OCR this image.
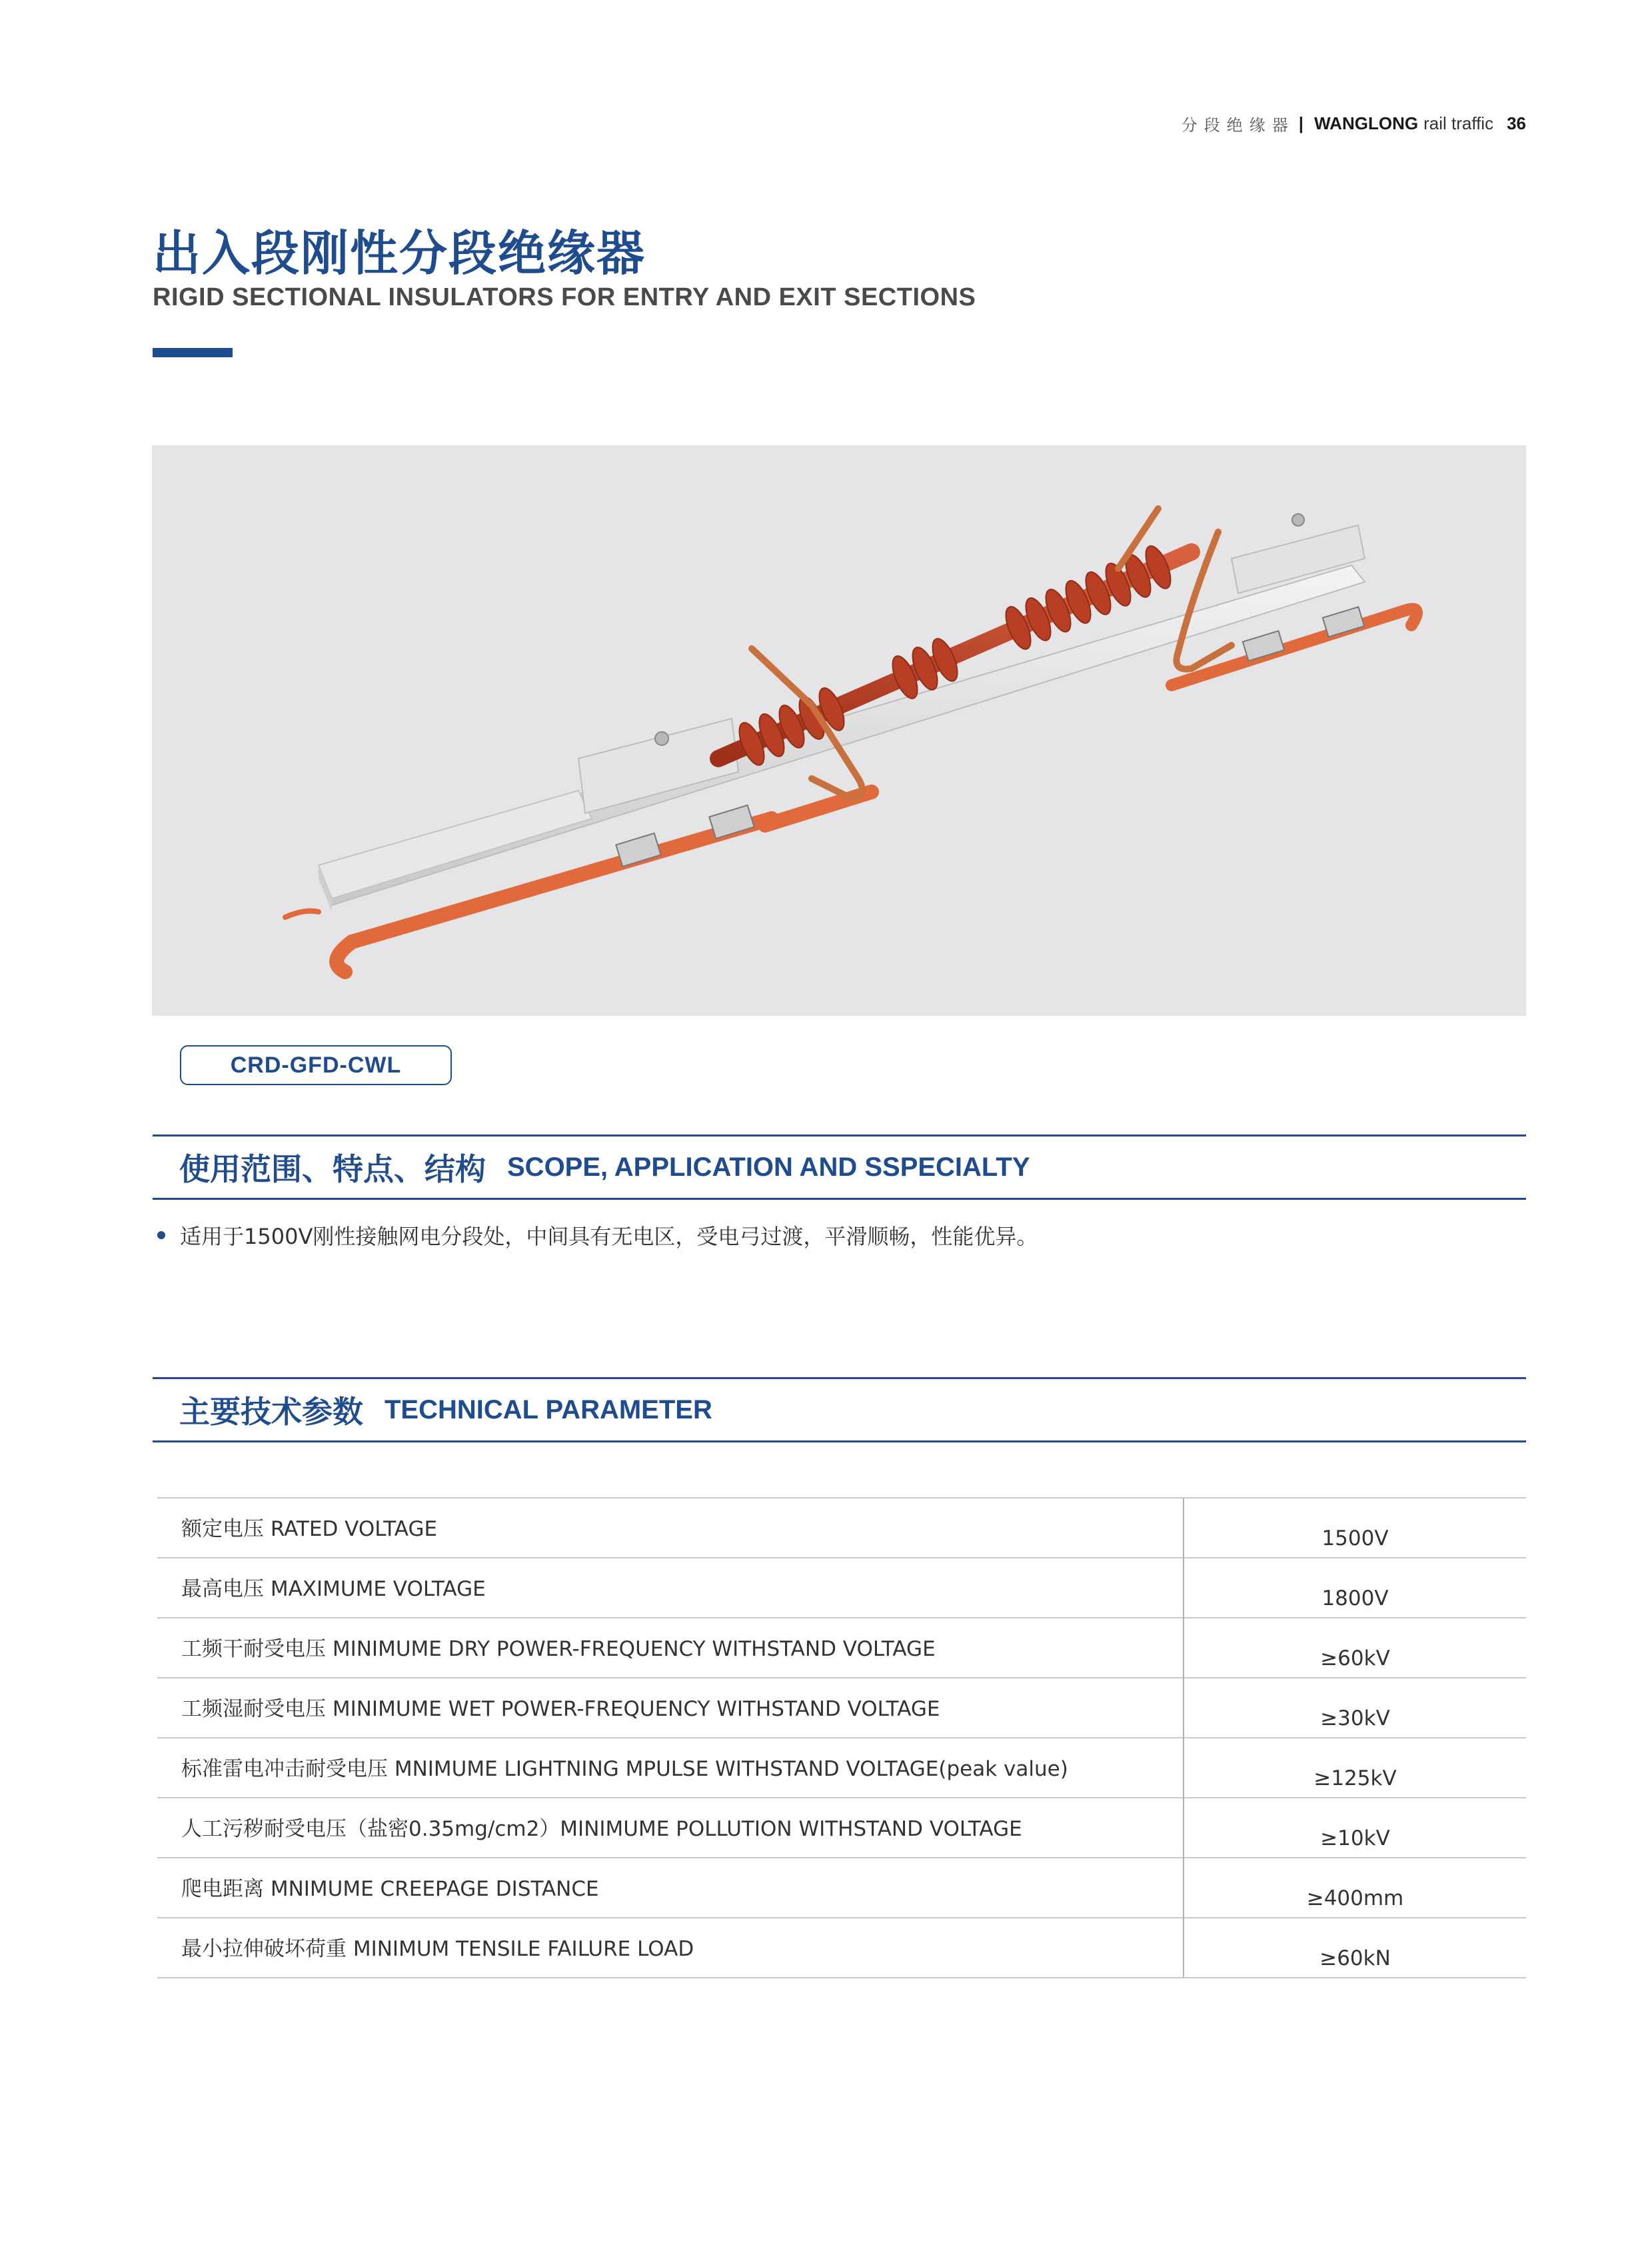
分段绝缘器 | WANGLONG rail traffic 36
出入段刚性分段绝缘器
RIGID SECTIONAL INSULATORS FOR ENTRY AND EXIT SECTIONS
CRD-GFD-CWL
使用范围、特点、结构 SCOPE, APPLICATION AND SSPECIALTY
适用于1500V刚性接触网电分段处，中间具有无电区，受电弓过渡，平滑顺畅，性能优异。
主要技术参数 TECHNICAL PARAMETER
额定电压 RATED VOLTAGE	1500V
最高电压 MAXIMUME VOLTAGE	1800V
工频干耐受电压 MINIMUME DRY POWER-FREQUENCY WITHSTAND VOLTAGE	≥60kV
工频湿耐受电压 MINIMUME WET POWER-FREQUENCY WITHSTAND VOLTAGE	≥30kV
标准雷电冲击耐受电压 MNIMUME LIGHTNING MPULSE WITHSTAND VOLTAGE(peak value)	≥125kV
人工污秽耐受电压（盐密0.35mg/cm2）MINIMUME POLLUTION WITHSTAND VOLTAGE	≥10kV
爬电距离 MNIMUME CREEPAGE DISTANCE	≥400mm
最小拉伸破坏荷重 MINIMUM TENSILE FAILURE LOAD	≥60kN
